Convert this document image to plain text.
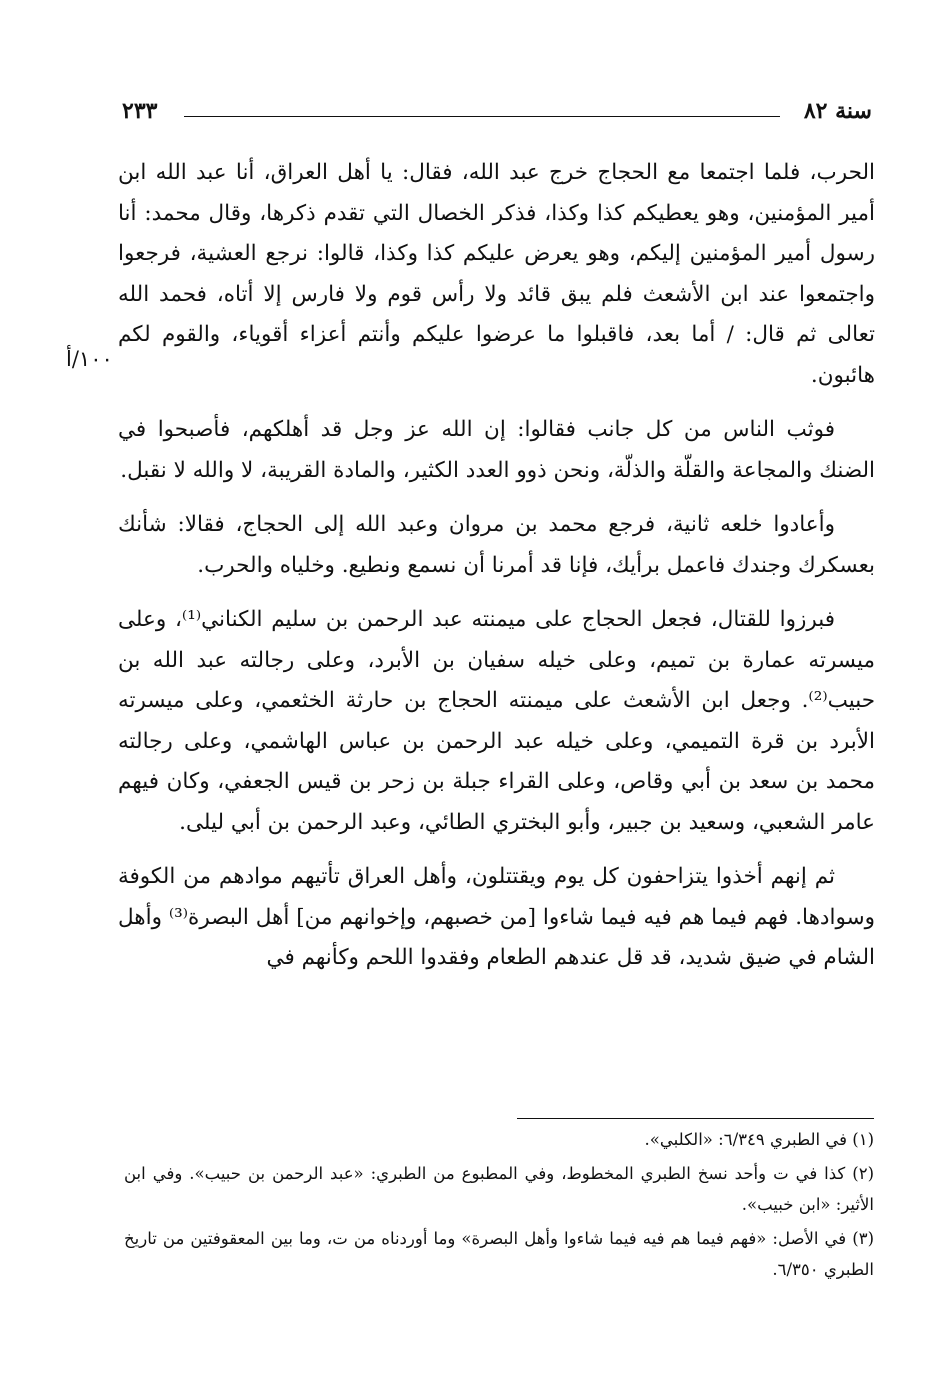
سنة ٨٢
٢٣٣

الحرب، فلما اجتمعا مع الحجاج خرج عبد الله، فقال: يا أهل العراق، أنا عبد الله ابن أمير المؤمنين، وهو يعطيكم كذا وكذا، فذكر الخصال التي تقدم ذكرها، وقال محمد: أنا رسول أمير المؤمنين إليكم، وهو يعرض عليكم كذا وكذا، قالوا: نرجع العشية، فرجعوا واجتمعوا عند ابن الأشعث فلم يبق قائد ولا رأس قوم ولا فارس إلا أتاه، فحمد الله تعالى ثم قال: / أما بعد، فاقبلوا ما عرضوا عليكم وأنتم أعزاء أقوياء، والقوم لكم هائبون.
١٠٠/أ

فوثب الناس من كل جانب فقالوا: إن الله عز وجل قد أهلكهم، فأصبحوا في الضنك والمجاعة والقلّة والذلّة، ونحن ذوو العدد الكثير، والمادة القريبة، لا والله لا نقبل.

وأعادوا خلعه ثانية، فرجع محمد بن مروان وعبد الله إلى الحجاج، فقالا: شأنك بعسكرك وجندك فاعمل برأيك، فإنا قد أمرنا أن نسمع ونطيع. وخلياه والحرب.

فبرزوا للقتال، فجعل الحجاج على ميمنته عبد الرحمن بن سليم الكناني⁽¹⁾، وعلى ميسرته عمارة بن تميم، وعلى خيله سفيان بن الأبرد، وعلى رجالته عبد الله بن حبيب⁽²⁾. وجعل ابن الأشعث على ميمنته الحجاج بن حارثة الخثعمي، وعلى ميسرته الأبرد بن قرة التميمي، وعلى خيله عبد الرحمن بن عباس الهاشمي، وعلى رجالته محمد بن سعد بن أبي وقاص، وعلى القراء جبلة بن زحر بن قيس الجعفي، وكان فيهم عامر الشعبي، وسعيد بن جبير، وأبو البختري الطائي، وعبد الرحمن بن أبي ليلى.

ثم إنهم أخذوا يتزاحفون كل يوم ويقتتلون، وأهل العراق تأتيهم موادهم من الكوفة وسوادها. فهم فيما هم فيه فيما شاءوا [من خصبهم، وإخوانهم من] أهل البصرة⁽³⁾ وأهل الشام في ضيق شديد، قد قل عندهم الطعام وفقدوا اللحم وكأنهم في

(١) في الطبري ٦/٣٤٩: «الكلبي».

(٢) كذا في ت وأحد نسخ الطبري المخطوط، وفي المطبوع من الطبري: «عبد الرحمن بن حبيب». وفي ابن الأثير: «ابن خبيب».

(٣) في الأصل: «فهم فيما هم فيه فيما شاءوا وأهل البصرة» وما أوردناه من ت، وما بين المعقوفتين من تاريخ الطبري ٦/٣٥٠.
